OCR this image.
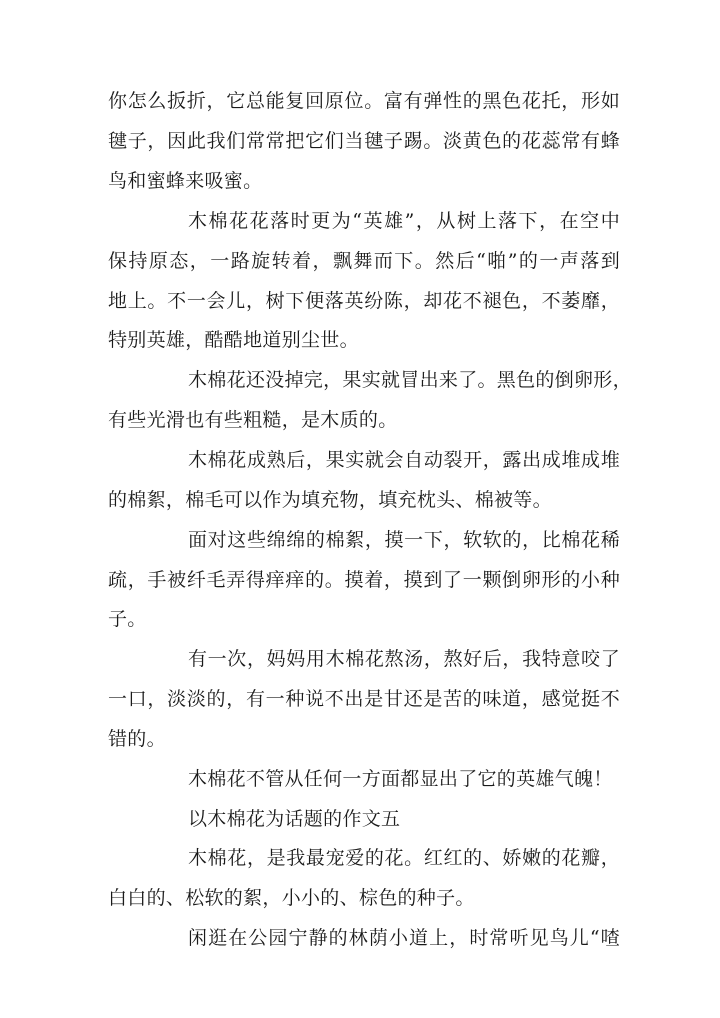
你怎么扳折，它总能复回原位。富有弹性的黑色花托，形如
毽子，因此我们常常把它们当毽子踢。淡黄色的花蕊常有蜂
鸟和蜜蜂来吸蜜。
木棉花花落时更为“英雄”，从树上落下，在空中
保持原态，一路旋转着，飘舞而下。然后“啪”的一声落到
地上。不一会儿，树下便落英纷陈，却花不褪色，不萎靡，
特别英雄，酷酷地道别尘世。
木棉花还没掉完，果实就冒出来了。黑色的倒卵形，
有些光滑也有些粗糙，是木质的。
木棉花成熟后，果实就会自动裂开，露出成堆成堆
的棉絮，棉毛可以作为填充物，填充枕头、棉被等。
面对这些绵绵的棉絮，摸一下，软软的，比棉花稀
疏，手被纤毛弄得痒痒的。摸着，摸到了一颗倒卵形的小种
子。
有一次，妈妈用木棉花熬汤，熬好后，我特意咬了
一口，淡淡的，有一种说不出是甘还是苦的味道，感觉挺不
错的。
木棉花不管从任何一方面都显出了它的英雄气魄！
以木棉花为话题的作文五
木棉花，是我最宠爱的花。红红的、娇嫩的花瓣，
白白的、松软的絮，小小的、棕色的种子。
闲逛在公园宁静的林荫小道上，时常听见鸟儿“喳
